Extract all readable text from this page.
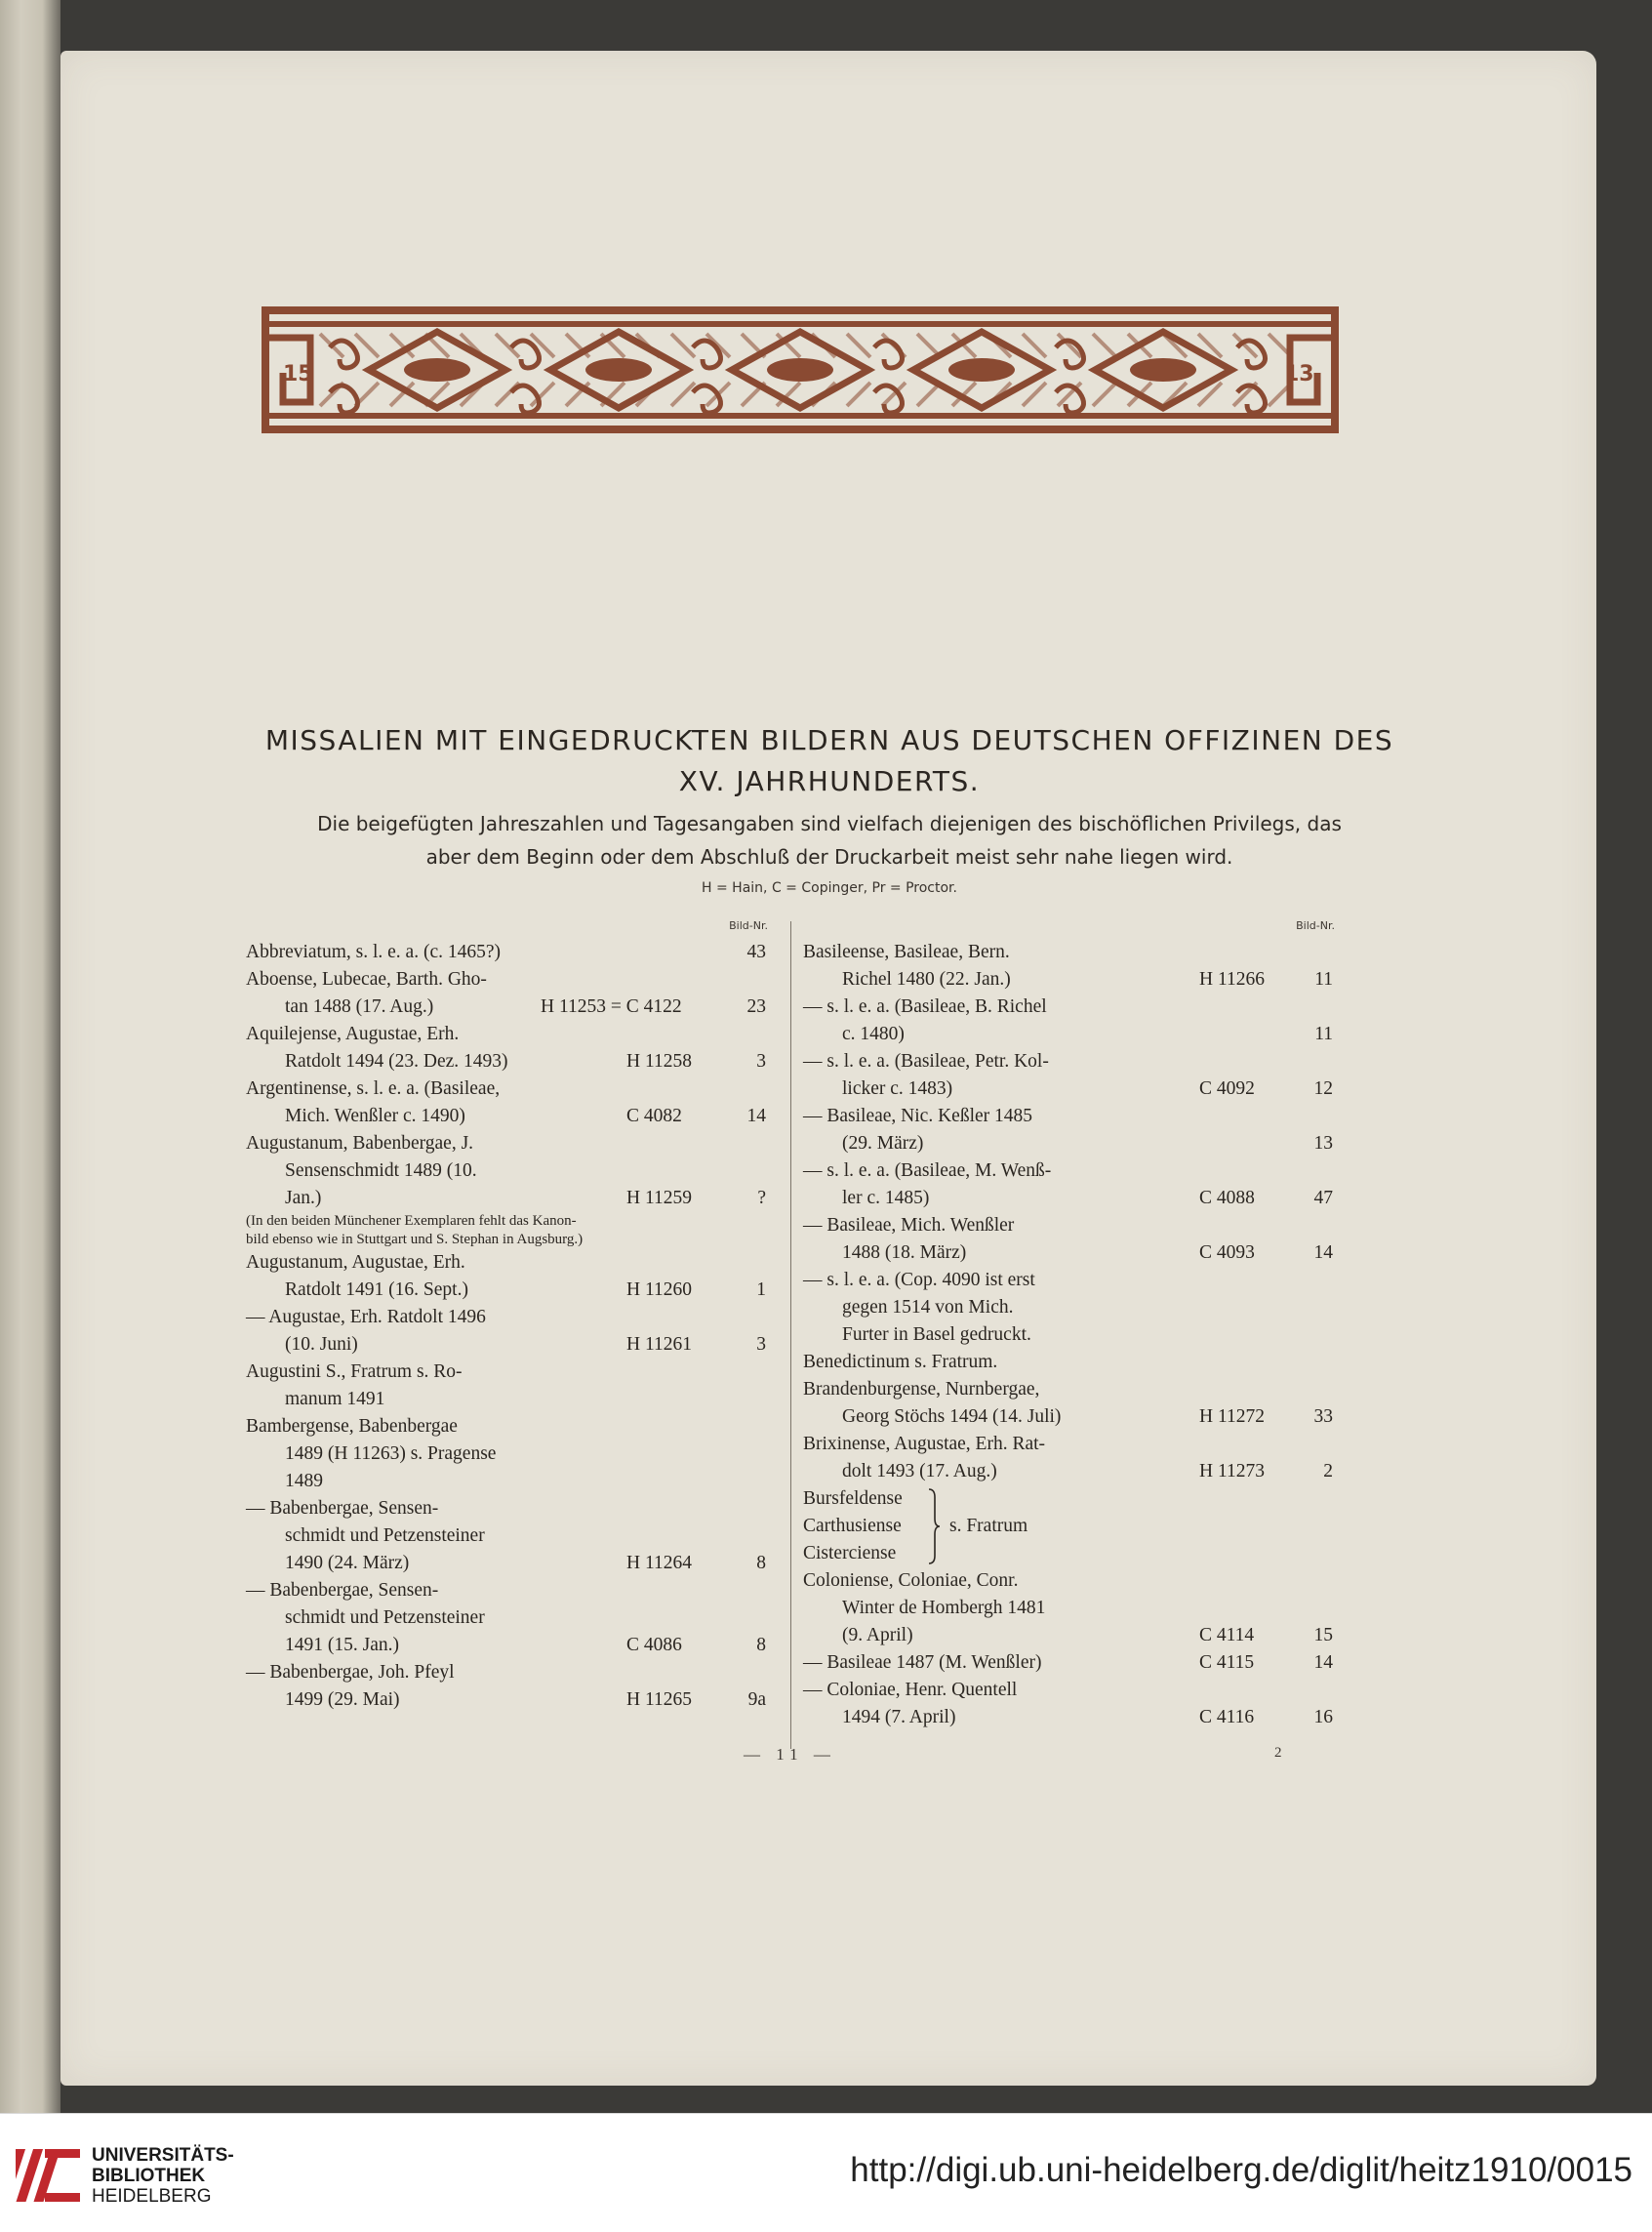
15	13.
MISSALIEN MIT EINGEDRUCKTEN BILDERN AUS DEUTSCHEN OFFIZINEN DES
XV. JAHRHUNDERTS.
Die beigefügten Jahreszahlen und Tagesangaben sind vielfach diejenigen des bischöflichen Privilegs, das
aber dem Beginn oder dem Abschluß der Druckarbeit meist sehr nahe liegen wird.
H = Hain, C = Copinger, Pr = Proctor.
Bild-Nr.
Abbreviatum, s. l. e. a. (c. 1465?)	43
Aboense, Lubecae, Barth. Gho-
tan 1488 (17. Aug.)	H 11253 = C 4122	23
Aquilejense, Augustae, Erh.
Ratdolt 1494 (23. Dez. 1493)	H 11258	3
Argentinense, s. l. e. a. (Basileae,
Mich. Wenßler c. 1490)	C 4082	14
Augustanum, Babenbergae, J.
Sensenschmidt 1489 (10.
Jan.)	H 11259	?
(In den beiden Münchener Exemplaren fehlt das Kanon-
bild ebenso wie in Stuttgart und S. Stephan in Augsburg.)
Augustanum, Augustae, Erh.
Ratdolt 1491 (16. Sept.)	H 11260	1
— Augustae, Erh. Ratdolt 1496
(10. Juni)	H 11261	3
Augustini S., Fratrum s. Ro-
manum 1491
Bambergense, Babenbergae
1489 (H 11263) s. Pragense
1489
— Babenbergae, Sensen-
schmidt und Petzensteiner
1490 (24. März)	H 11264	8
— Babenbergae, Sensen-
schmidt und Petzensteiner
1491 (15. Jan.)	C 4086	8
— Babenbergae, Joh. Pfeyl
1499 (29. Mai)	H 11265	9a
Bild-Nr.
Basileense, Basileae, Bern.
Richel 1480 (22. Jan.)	H 11266	11
— s. l. e. a. (Basileae, B. Richel
c. 1480)	11
— s. l. e. a. (Basileae, Petr. Kol-
licker c. 1483)	C 4092	12
— Basileae, Nic. Keßler 1485
(29. März)	13
— s. l. e. a. (Basileae, M. Wenß-
ler c. 1485)	C 4088	47
— Basileae, Mich. Wenßler
1488 (18. März)	C 4093	14
— s. l. e. a. (Cop. 4090 ist erst
gegen 1514 von Mich.
Furter in Basel gedruckt.
Benedictinum s. Fratrum.
Brandenburgense, Nurnbergae,
Georg Stöchs 1494 (14. Juli)	H 11272	33
Brixinense, Augustae, Erh. Rat-
dolt 1493 (17. Aug.)	H 11273	2
Bursfeldense
Carthusiense
Cisterciense
s. Fratrum
Coloniense, Coloniae, Conr.
Winter de Hombergh 1481
(9. April)	C 4114	15
— Basileae 1487 (M. Wenßler)	C 4115	14
— Coloniae, Henr. Quentell
1494 (7. April)	C 4116	16
— 11 —	2
UNIVERSITÄTS-
BIBLIOTHEK
HEIDELBERG
http://digi.ub.uni-heidelberg.de/diglit/heitz1910/0015
